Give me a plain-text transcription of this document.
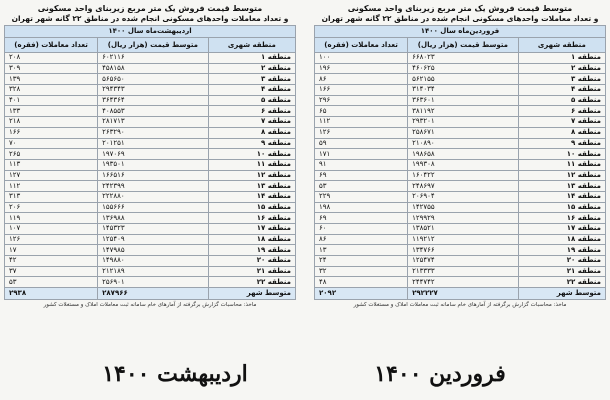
متوسط قیمت فروش یک متر مربع زیربنای واحد مسکونی
و تعداد معاملات واحدهای مسکونی انجام شده در مناطق ۲۲ گانه شهر تهران
اردیبهشت‌ماه سال ۱۴۰۰		
منطقه شهری	متوسط قیمت (هزار ریال)	تعداد معاملات (فقره)
منطقه ۱	۶۰۲۱۱۶	۲۰۸
منطقه ۲	۴۵۸۱۵۸	۳۰۹
منطقه ۳	۵۶۵۶۵۰	۱۳۹
منطقه ۴	۲۹۴۳۴۳	۳۲۸
منطقه ۵	۳۶۴۳۶۴	۴۰۱
منطقه ۶	۴۰۸۵۵۳	۱۳۳
منطقه ۷	۲۸۱۷۱۳	۲۱۸
منطقه ۸	۲۶۳۲۹۰	۱۶۶
منطقه ۹	۲۰۱۲۵۱	۷۰
منطقه ۱۰	۱۹۷۰۶۹	۲۶۵
منطقه ۱۱	۱۹۳۵۰۱	۱۱۳
منطقه ۱۲	۱۶۶۵۱۶	۱۲۷
منطقه ۱۳	۲۴۲۳۹۹	۱۱۲
منطقه ۱۴	۲۲۲۸۸۰	۳۱۳
منطقه ۱۵	۱۵۵۶۶۶	۲۰۶
منطقه ۱۶	۱۳۶۹۸۸	۱۱۹
منطقه ۱۷	۱۴۵۳۲۳	۱۰۷
منطقه ۱۸	۱۲۵۴۰۹	۱۲۶
منطقه ۱۹	۱۴۷۹۸۵	۱۷
منطقه ۲۰	۱۴۹۸۸۰	۴۲
منطقه ۲۱	۲۱۲۱۸۹	۳۷
منطقه ۲۲	۲۵۶۹۰۱	۵۳
متوسط شهر	۲۸۷۹۶۶	۲۹۳۸
ماخذ: محاسبات گزارش برگرفته از آمارهای خام سامانه ثبت معاملات املاک و مستغلات کشور
متوسط قیمت فروش یک متر مربع زیربنای واحد مسکونی
و تعداد معاملات واحدهای مسکونی انجام شده در مناطق ۲۲ گانه شهر تهران
فروردین‌ماه سال ۱۴۰۰		
منطقه شهری	متوسط قیمت (هزار ریال)	تعداد معاملات (فقره)
منطقه ۱	۶۶۸۰۲۳	۱۰۰
منطقه ۲	۴۶۰۶۲۵	۱۹۶
منطقه ۳	۵۶۲۱۵۵	۸۶
منطقه ۴	۳۱۴۰۳۴	۱۶۶
منطقه ۵	۳۶۳۶۰۱	۲۹۶
منطقه ۶	۳۸۱۱۹۲	۶۵
منطقه ۷	۲۹۳۲۰۱	۱۱۲
منطقه ۸	۲۵۸۶۷۱	۱۲۶
منطقه ۹	۲۱۰۸۹۰	۵۹
منطقه ۱۰	۱۹۸۶۵۸	۱۷۱
منطقه ۱۱	۱۹۹۳۰۸	۹۱
منطقه ۱۲	۱۶۰۴۲۲	۶۹
منطقه ۱۳	۲۴۸۶۹۷	۵۳
منطقه ۱۴	۲۰۶۹۰۴	۲۲۹
منطقه ۱۵	۱۴۲۷۵۵	۱۹۸
منطقه ۱۶	۱۲۹۹۲۹	۶۹
منطقه ۱۷	۱۳۸۵۲۱	۶۰
منطقه ۱۸	۱۱۹۲۱۲	۸۶
منطقه ۱۹	۱۳۴۷۶۶	۱۳
منطقه ۲۰	۱۲۵۴۷۴	۲۴
منطقه ۲۱	۲۱۳۳۳۳	۳۲
منطقه ۲۲	۲۴۴۷۴۲	۴۸
متوسط شهر	۲۹۲۲۲۷	۲۰۹۲
ماخذ: محاسبات گزارش برگرفته از آمارهای خام سامانه ثبت معاملات املاک و مستغلات کشور
اردیبهشت ۱۴۰۰	فروردین ۱۴۰۰
